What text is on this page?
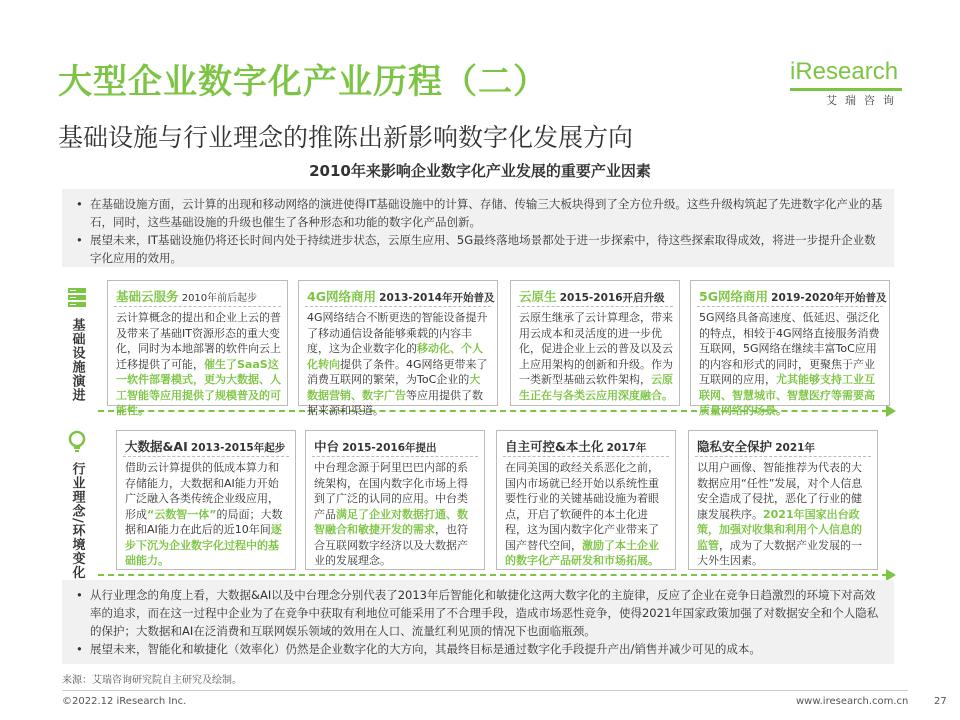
大型企业数字化产业历程（二）
基础设施与行业理念的推陈出新影响数字化发展方向
iResearch
艾瑞咨询
2010年来影响企业数字化产业发展的重要产业因素
• 在基础设施方面，云计算的出现和移动网络的演进使得IT基础设施中的计算、存储、传输三大板块得到了全方位升级。这些升级构筑起了先进数字化产业的基石，同时，这些基础设施的升级也催生了各种形态和功能的数字化产品创新。
• 展望未来，IT基础设施仍将还长时间内处于持续进步状态，云原生应用、5G最终落地场景都处于进一步探索中，待这些探索取得成效，将进一步提升企业数字化应用的效用。
基础设施演进
行业理念/环境变化
基础云服务 2010年前后起步
云计算概念的提出和企业上云的普及带来了基础IT资源形态的重大变化，同时为本地部署的软件向云上迁移提供了可能，催生了SaaS这一软件部署模式，更为大数据、人工智能等应用提供了规模普及的可能性。
4G网络商用 2013-2014年开始普及
4G网络结合不断更迭的智能设备提升了移动通信设备能够乘载的内容丰度，这为企业数字化的移动化、个人化转向提供了条件。4G网络更带来了消费互联网的繁荣，为ToC企业的大数据营销、数字广告等应用提供了数据来源和渠道。
云原生 2015-2016开启升级
云原生继承了云计算理念，带来用云成本和灵活度的进一步优化，促进企业上云的普及以及云上应用架构的创新和升级。作为一类新型基础云软件架构，云原生正在与各类云应用深度融合。
5G网络商用 2019-2020年开始普及
5G网络具备高速度、低延迟、强泛化的特点，相较于4G网络直接服务消费互联网，5G网络在继续丰富ToC应用的内容和形式的同时，更聚焦于产业互联网的应用，尤其能够支持工业互联网、智慧城市、智慧医疗等需要高质量网络的场景。
大数据&AI 2013-2015年起步
借助云计算提供的低成本算力和存储能力，大数据和AI能力开始广泛融入各类传统企业级应用，形成“云数智一体”的局面；大数据和AI能力在此后的近10年间逐步下沉为企业数字化过程中的基础能力。
中台 2015-2016年提出
中台理念源于阿里巴巴内部的系统架构，在国内数字化市场上得到了广泛的认同的应用。中台类产品满足了企业对数据打通、数智融合和敏捷开发的需求，也符合互联网数字经济以及大数据产业的发展理念。
自主可控&本土化 2017年
在同美国的政经关系恶化之前，国内市场就已经开始以系统性重要性行业的关键基础设施为着眼点，开启了软硬件的本土化进程，这为国内数字化产业带来了国产替代空间，激励了本土企业的数字化产品研发和市场拓展。
隐私安全保护 2021年
以用户画像、智能推荐为代表的大数据应用“任性”发展，对个人信息安全造成了侵扰，恶化了行业的健康发展秩序。2021年国家出台政策，加强对收集和利用个人信息的监管，成为了大数据产业发展的一大外生因素。
• 从行业理念的角度上看，大数据&AI以及中台理念分别代表了2013年后智能化和敏捷化这两大数字化的主旋律，反应了企业在竞争日趋激烈的环境下对高效率的追求，而在这一过程中企业为了在竞争中获取有利地位可能采用了不合理手段，造成市场恶性竞争，使得2021年国家政策加强了对数据安全和个人隐私的保护；大数据和AI在泛消费和互联网娱乐领域的效用在人口、流量红利见顶的情况下也面临瓶颈。
• 展望未来，智能化和敏捷化（效率化）仍然是企业数字化的大方向，其最终目标是通过数字化手段提升产出/销售并减少可见的成本。
来源：艾瑞咨询研究院自主研究及绘制。
©2022.12 iResearch Inc.	www.iresearch.com.cn	27
